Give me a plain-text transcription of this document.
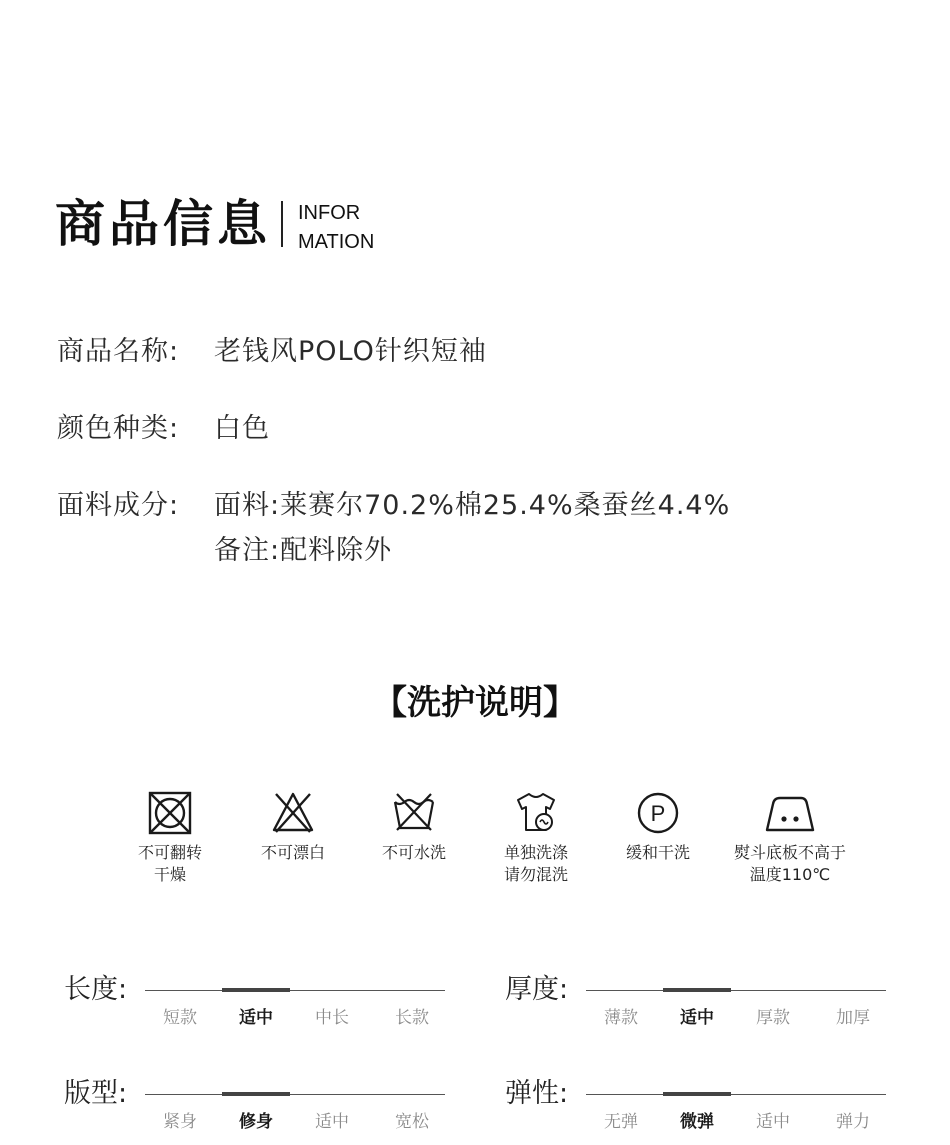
商品信息 INFOR
MATION
商品名称: 老钱风POLO针织短袖
颜色种类: 白色
面料成分: 面料:莱赛尔70.2%棉25.4%桑蚕丝4.4%
备注:配料除外
【洗护说明】
不可翻转
干燥
不可漂白	不可水洗	单独洗涤
请勿混洗
P
缓和干洗	熨斗底板不高于
温度110℃
长度:
短款	适中	中长	长款
厚度:
薄款	适中	厚款	加厚
版型:
紧身	修身	适中	宽松
弹性:
无弹	微弹	适中	弹力
